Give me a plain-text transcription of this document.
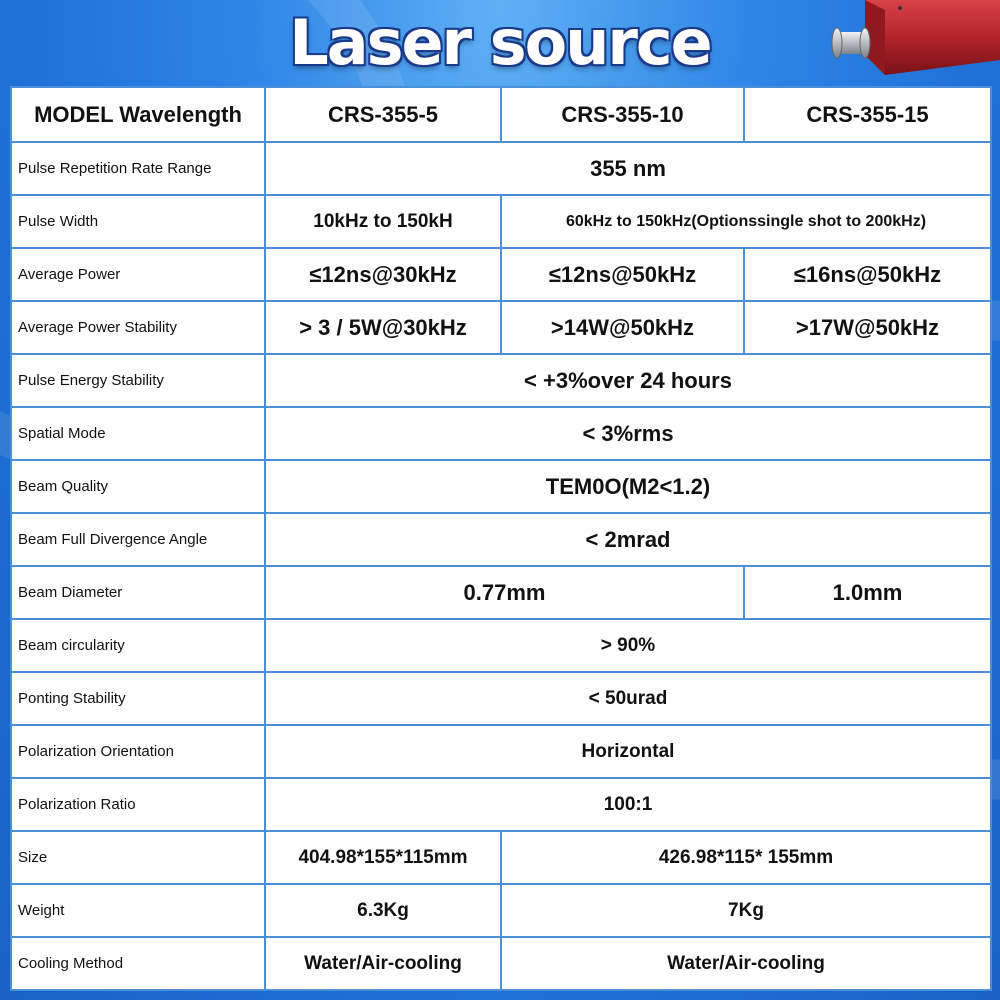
Laser source
MODEL Wavelength	CRS-355-5	CRS-355-10	CRS-355-15
Pulse Repetition Rate Range	355 nm		
Pulse Width	10kHz to 150kH	60kHz to 150kHz(Optionssingle shot to 200kHz)	
Average Power	≤12ns@30kHz	≤12ns@50kHz	≤16ns@50kHz
Average Power Stability	> 3 / 5W@30kHz	>14W@50kHz	>17W@50kHz
Pulse Energy Stability	< +3%over 24 hours		
Spatial Mode	< 3%rms		
Beam Quality	TEM0O(M2<1.2)		
Beam Full Divergence Angle	< 2mrad		
Beam Diameter	0.77mm		1.0mm
Beam circularity	> 90%		
Ponting Stability	< 50urad		
Polarization Orientation	Horizontal		
Polarization Ratio	100:1		
Size	404.98*155*115mm	426.98*115* 155mm	
Weight	6.3Kg	7Kg	
Cooling Method	Water/Air-cooling	Water/Air-cooling	
